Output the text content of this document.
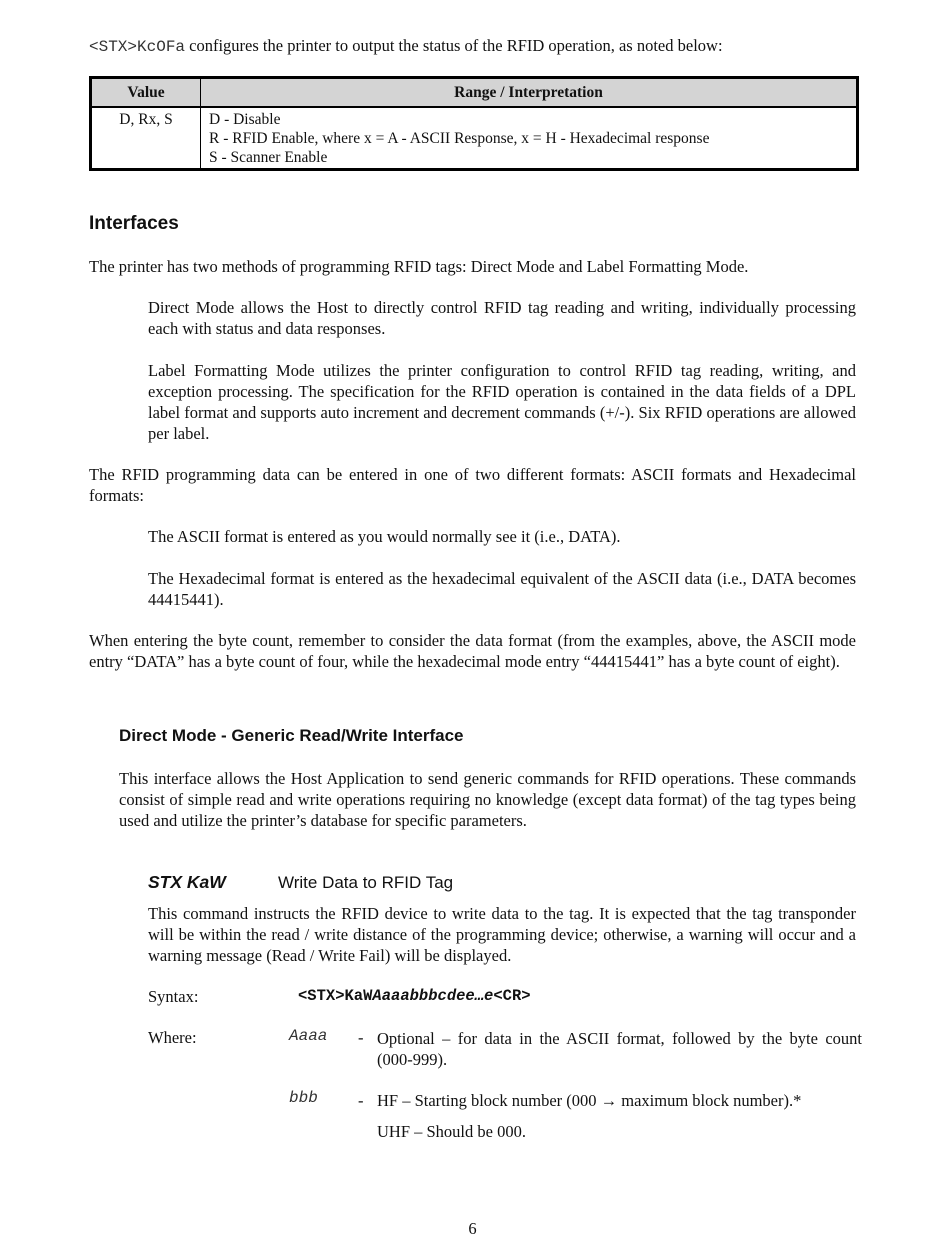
<STX>KcOFa configures the printer to output the status of the RFID operation, as noted below:
Value	Range / Interpretation
D, Rx, S	D - Disable
R - RFID Enable, where x = A - ASCII Response, x = H - Hexadecimal response
S - Scanner Enable
Interfaces
The printer has two methods of programming RFID tags: Direct Mode and Label Formatting Mode.
Direct Mode allows the Host to directly control RFID tag reading and writing, individually processing each with status and data responses.
Label Formatting Mode utilizes the printer configuration to control RFID tag reading, writing, and exception processing. The specification for the RFID operation is contained in the data fields of a DPL label format and supports auto increment and decrement commands (+/-). Six RFID operations are allowed per label.
The RFID programming data can be entered in one of two different formats: ASCII formats and Hexadecimal formats:
The ASCII format is entered as you would normally see it (i.e., DATA).
The Hexadecimal format is entered as the hexadecimal equivalent of the ASCII data (i.e., DATA becomes 44415441).
When entering the byte count, remember to consider the data format (from the examples, above, the ASCII mode entry “DATA” has a byte count of four, while the hexadecimal mode entry “44415441” has a byte count of eight).
Direct Mode - Generic Read/Write Interface
This interface allows the Host Application to send generic commands for RFID operations. These commands consist of simple read and write operations requiring no knowledge (except data format) of the tag types being used and utilize the printer’s database for specific parameters.
STX KaW	Write Data to RFID Tag
This command instructs the RFID device to write data to the tag. It is expected that the tag transponder will be within the read / write distance of the programming device; otherwise, a warning will occur and a warning message (Read / Write Fail) will be displayed.
Syntax:	<STX>KaWAaaabbbcdee…e<CR>
Where:	Aaaa - Optional – for data in the ASCII format, followed by the byte count (000-999).
bbb - HF – Starting block number (000 → maximum block number).*
UHF – Should be 000.
6
